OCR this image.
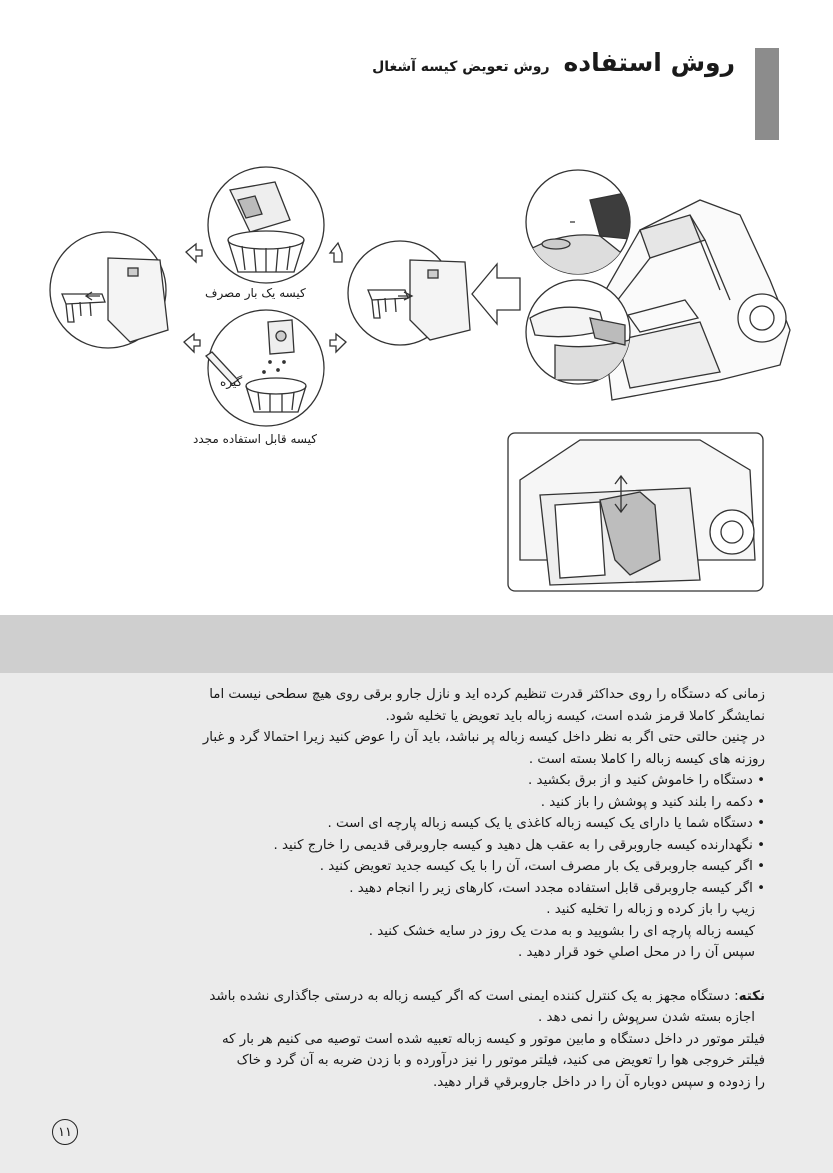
روش استفاده
روش تعویض کیسه آشغال
کیسه یک بار مصرف
گیره
کیسه قابل استفاده مجدد

زمانی که دستگاه را روی حداکثر قدرت تنظیم کرده اید و نازل جارو برقی روی هیچ سطحی نیست اما

نمایشگر کاملا قرمز شده است، کیسه زباله باید تعویض یا تخلیه شود.

در چنین حالتی حتی اگر به نظر داخل کیسه زباله پر نباشد، باید آن را عوض کنید زیرا احتمالا گرد و غبار

روزنه های کیسه زباله را کاملا بسته است .

• دستگاه را خاموش کنید و از برق بکشید .

• دکمه را بلند کنید و پوشش را باز کنید .

• دستگاه شما یا دارای یک کیسه زباله کاغذی یا یک کیسه زباله پارچه ای است .

• نگهدارنده کیسه جاروبرقی را به عقب هل دهید و کیسه جاروبرقی قدیمی را خارج کنید .

• اگر کیسه جاروبرقی یک بار مصرف است، آن را با یک کیسه جدید تعویض کنید .

• اگر کیسه جاروبرقی قابل استفاده مجدد است، کارهای زیر را انجام دهید .

زیپ را باز کرده و زباله را تخلیه کنید .

کیسه زباله پارچه ای را بشویید و به مدت یک روز در سایه خشک کنید .

سپس آن را در محل اصلي خود قرار دهید .

نکته: دستگاه مجهز به یک کنترل کننده ایمنی است که اگر کیسه زباله به درستی جاگذاری نشده باشد

اجازه بسته شدن سرپوش را نمی دهد .

فیلتر موتور در داخل دستگاه و مابین موتور و کیسه زباله تعبیه شده است توصیه می کنیم هر بار که

فیلتر خروجی هوا را تعویض می کنید، فیلتر موتور را نیز درآورده و با زدن ضربه به آن گرد و خاک

را زدوده و سپس دوباره آن را در داخل جاروبرقي قرار دهید.

۱۱
